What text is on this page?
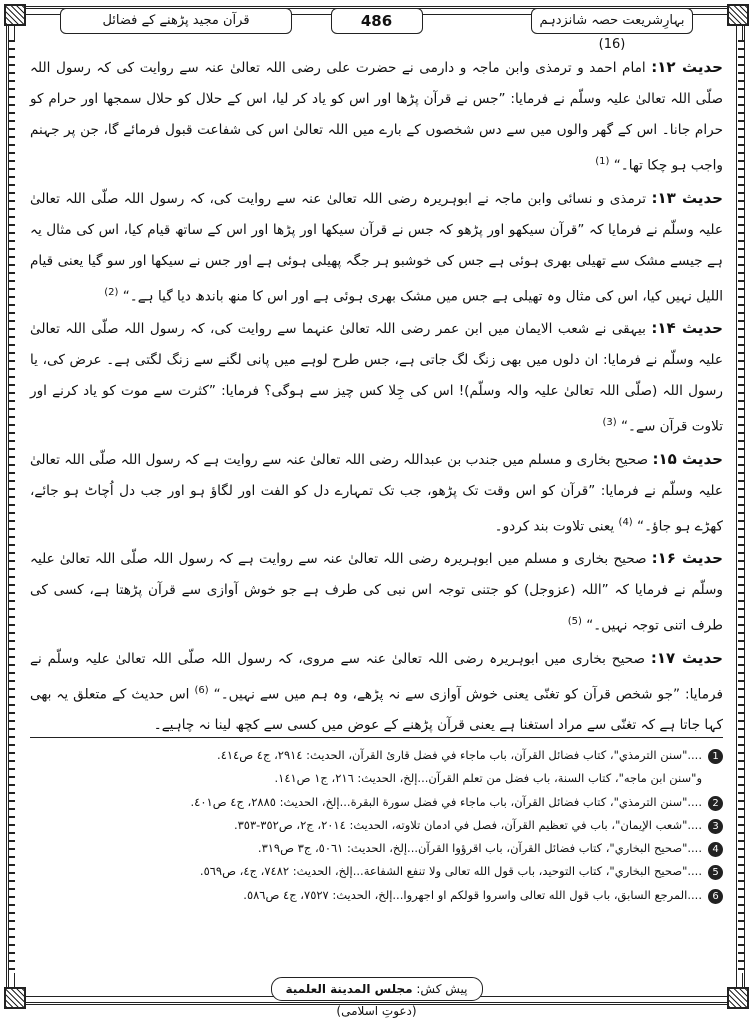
بہارِشریعت حصہ شانزدہم (16)
486
قرآن مجید پڑھنے کے فضائل

حدیث ۱۲: امام احمد و ترمذی وابن ماجہ و دارمی نے حضرت علی رضی اللہ تعالیٰ عنہ سے روایت کی کہ رسول اللہ صلّی اللہ تعالیٰ علیہ وسلّم نے فرمایا: ”جس نے قرآن پڑھا اور اس کو یاد کر لیا، اس کے حلال کو حلال سمجھا اور حرام کو حرام جانا۔ اس کے گھر والوں میں سے دس شخصوں کے بارے میں اللہ تعالیٰ اس کی شفاعت قبول فرمائے گا، جن پر جہنم واجب ہو چکا تھا۔“ $^{(1)}$

حدیث ۱۳: ترمذی و نسائی وابن ماجہ نے ابوہریرہ رضی اللہ تعالیٰ عنہ سے روایت کی، کہ رسول اللہ صلّی اللہ تعالیٰ علیہ وسلّم نے فرمایا کہ ”قرآن سیکھو اور پڑھو کہ جس نے قرآن سیکھا اور پڑھا اور اس کے ساتھ قیام کیا، اس کی مثال یہ ہے جیسے مشک سے تھیلی بھری ہوئی ہے جس کی خوشبو ہر جگہ پھیلی ہوئی ہے اور جس نے سیکھا اور سو گیا یعنی قیام اللیل نہیں کیا، اس کی مثال وہ تھیلی ہے جس میں مشک بھری ہوئی ہے اور اس کا منھ باندھ دیا گیا ہے۔“ $^{(2)}$

حدیث ۱۴: بیہقی نے شعب الایمان میں ابن عمر رضی اللہ تعالیٰ عنہما سے روایت کی، کہ رسول اللہ صلّی اللہ تعالیٰ علیہ وسلّم نے فرمایا: ان دلوں میں بھی زنگ لگ جاتی ہے، جس طرح لوہے میں پانی لگنے سے زنگ لگتی ہے۔ عرض کی، یا رسول اللہ (صلّی اللہ تعالیٰ علیہ والہ وسلّم)! اس کی جِلا کس چیز سے ہوگی؟ فرمایا: ”کثرت سے موت کو یاد کرنے اور تلاوت قرآن سے۔“ $^{(3)}$

حدیث ۱۵: صحیح بخاری و مسلم میں جندب بن عبداللہ رضی اللہ تعالیٰ عنہ سے روایت ہے کہ رسول اللہ صلّی اللہ تعالیٰ علیہ وسلّم نے فرمایا: ”قرآن کو اس وقت تک پڑھو، جب تک تمہارے دل کو الفت اور لگاؤ ہو اور جب دل اُچاٹ ہو جائے، کھڑے ہو جاؤ۔“ $^{(4)}$ یعنی تلاوت بند کردو۔

حدیث ۱۶: صحیح بخاری و مسلم میں ابوہریرہ رضی اللہ تعالیٰ عنہ سے روایت ہے کہ رسول اللہ صلّی اللہ تعالیٰ علیہ وسلّم نے فرمایا کہ ”اللہ (عزوجل) کو جتنی توجہ اس نبی کی طرف ہے جو خوش آوازی سے قرآن پڑھتا ہے، کسی کی طرف اتنی توجہ نہیں۔“ $^{(5)}$

حدیث ۱۷: صحیح بخاری میں ابوہریرہ رضی اللہ تعالیٰ عنہ سے مروی، کہ رسول اللہ صلّی اللہ تعالیٰ علیہ وسلّم نے فرمایا: ”جو شخص قرآن کو تغنّی یعنی خوش آوازی سے نہ پڑھے، وہ ہم میں سے نہیں۔“ $^{(6)}$ اس حدیث کے متعلق یہ بھی کہا جاتا ہے کہ تغنّی سے مراد استغنا ہے یعنی قرآن پڑھنے کے عوض میں کسی سے کچھ لینا نہ چاہیے۔

1...."سنن الترمذي"، كتاب فضائل القرآن، باب ماجاء في فضل قارئ القرآن، الحديث: ٢٩١٤، ج٤ ص٤١٤.
و"سنن ابن ماجه"، كتاب السنة، باب فضل من تعلم القرآن...إلخ، الحديث: ٢١٦، ج١ ص١٤١.
2...."سنن الترمذي"، كتاب فضائل القرآن، باب ماجاء في فضل سورة البقرة...إلخ، الحديث: ٢٨٨٥، ج٤ ص٤٠١.
3...."شعب الإيمان"، باب في تعظيم القرآن، فصل في ادمان تلاوته، الحديث: ٢٠١٤، ج٢، ص٣٥٢-٣٥٣.
4...."صحيح البخاري"، كتاب فضائل القرآن، باب اقرؤوا القرآن...إلخ، الحديث: ٥٠٦١، ج٣ ص٣١٩.
5...."صحيح البخاري"، كتاب التوحيد، باب قول الله تعالى ولا تنفع الشفاعة...إلخ، الحديث: ٧٤٨٢، ج٤، ص٥٦٩.
6....المرجع السابق، باب قول الله تعالى واسروا قولكم او اجهروا...إلخ، الحديث: ٧٥٢٧، ج٤ ص٥٨٦.
پیش کش: مجلس المدينة العلمية (دعوتِ اسلامی)
